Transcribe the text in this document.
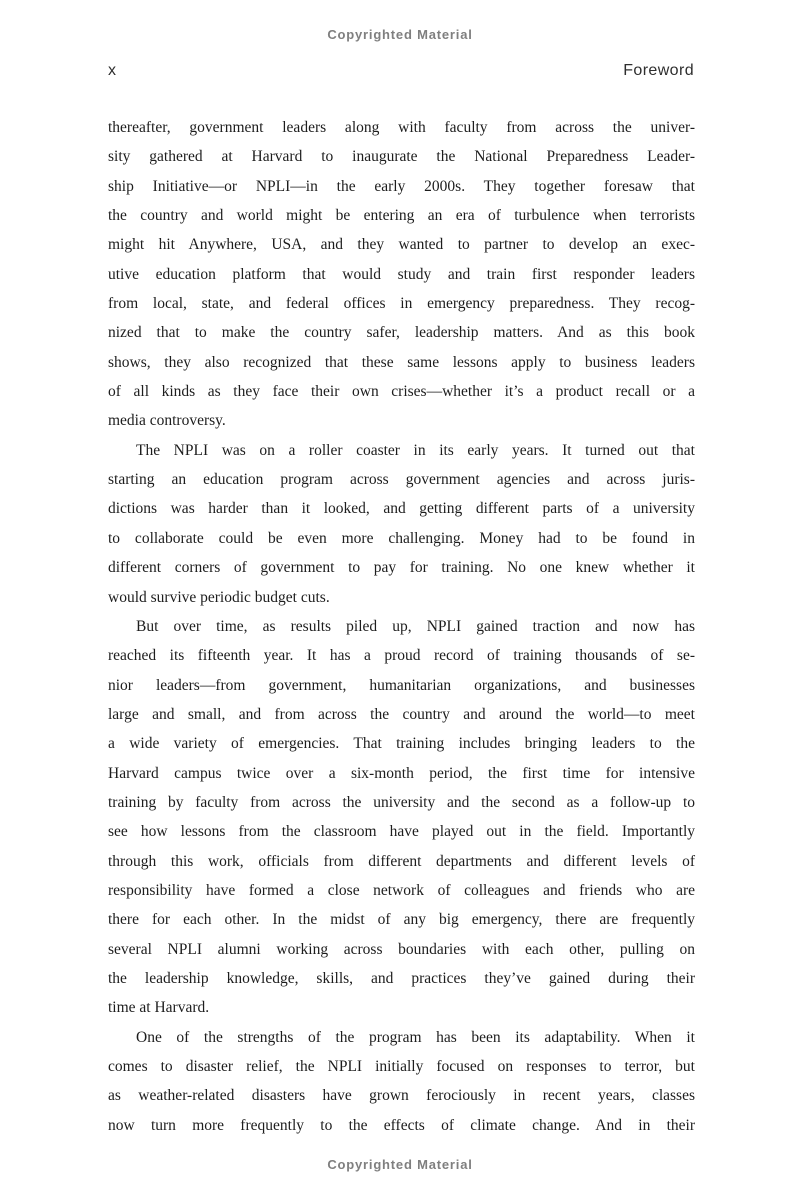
Copyrighted Material
x	Foreword
thereafter, government leaders along with faculty from across the univer-
sity gathered at Harvard to inaugurate the National Preparedness Leader-
ship Initiative—or NPLI—in the early 2000s. They together foresaw that
the country and world might be entering an era of turbulence when terrorists
might hit Anywhere, USA, and they wanted to partner to develop an exec-
utive education platform that would study and train first responder leaders
from local, state, and federal offices in emergency preparedness. They recog-
nized that to make the country safer, leadership matters. And as this book
shows, they also recognized that these same lessons apply to business leaders
of all kinds as they face their own crises—whether it’s a product recall or a
media controversy.
The NPLI was on a roller coaster in its early years. It turned out that
starting an education program across government agencies and across juris-
dictions was harder than it looked, and getting different parts of a university
to collaborate could be even more challenging. Money had to be found in
different corners of government to pay for training. No one knew whether it
would survive periodic budget cuts.
But over time, as results piled up, NPLI gained traction and now has
reached its fifteenth year. It has a proud record of training thousands of se-
nior leaders—from government, humanitarian organizations, and businesses
large and small, and from across the country and around the world—to meet
a wide variety of emergencies. That training includes bringing leaders to the
Harvard campus twice over a six-month period, the first time for intensive
training by faculty from across the university and the second as a follow-up to
see how lessons from the classroom have played out in the field. Importantly
through this work, officials from different departments and different levels of
responsibility have formed a close network of colleagues and friends who are
there for each other. In the midst of any big emergency, there are frequently
several NPLI alumni working across boundaries with each other, pulling on
the leadership knowledge, skills, and practices they’ve gained during their
time at Harvard.
One of the strengths of the program has been its adaptability. When it
comes to disaster relief, the NPLI initially focused on responses to terror, but
as weather-related disasters have grown ferociously in recent years, classes
now turn more frequently to the effects of climate change. And in their
Copyrighted Material
